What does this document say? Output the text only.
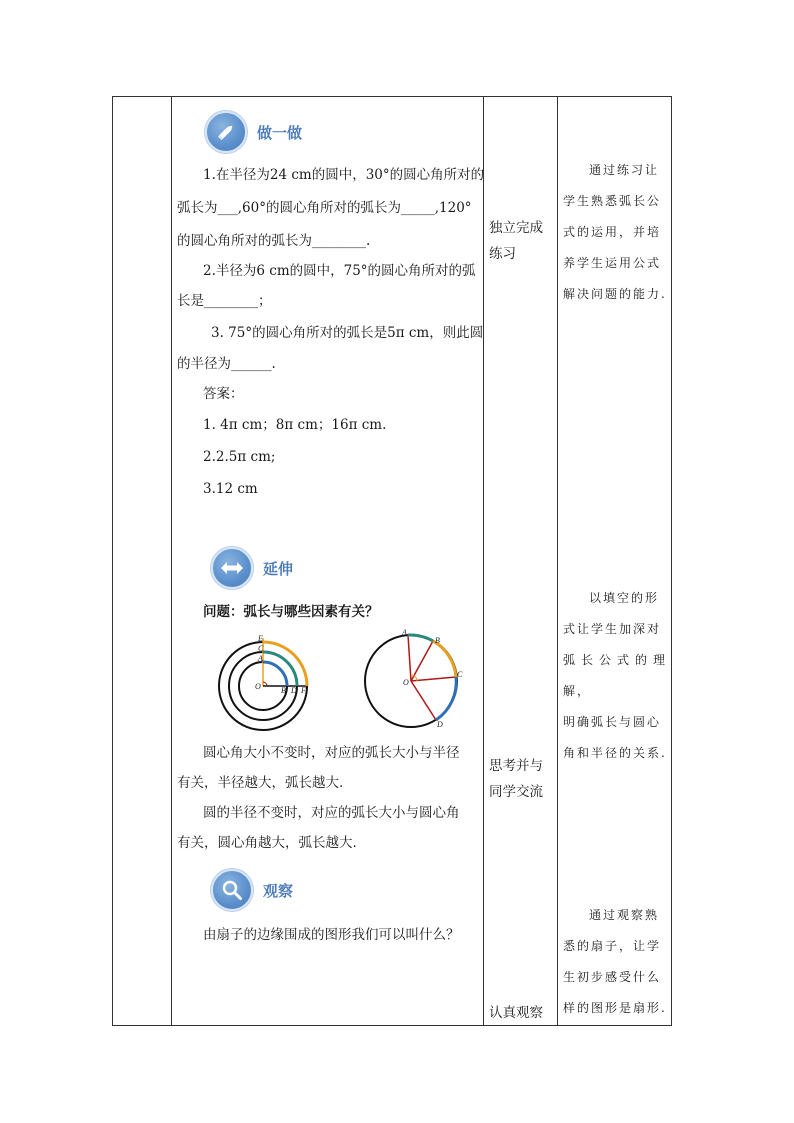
做一做
1.在半径为24 cm的圆中，30°的圆心角所对的
弧长为___,60°的圆心角所对的弧长为_____,120°
的圆心角所对的弧长为________.
2.半径为6 cm的圆中，75°的圆心角所对的弧
长是________；
3. 75°的圆心角所对的弧长是5π cm，则此圆
的半径为______.
答案：
1. 4π cm；8π cm；16π cm.
2.2.5π cm;
3.12 cm
延伸
问题：弧长与哪些因素有关？
E
C
A
O	B D F
A
B
C
D
O
圆心角大小不变时，对应的弧长大小与半径
有关，半径越大，弧长越大.
圆的半径不变时，对应的弧长大小与圆心角
有关，圆心角越大，弧长越大.
观察
由扇子的边缘围成的图形我们可以叫什么？
独立完成
练习
思考并与
同学交流
认真观察
通过练习让
学生熟悉弧长公
式的运用，并培
养学生运用公式
解决问题的能力.
以填空的形
式让学生加深对
弧长公式的理解，
明确弧长与圆心
角和半径的关系.
通过观察熟
悉的扇子，让学
生初步感受什么
样的图形是扇形.
